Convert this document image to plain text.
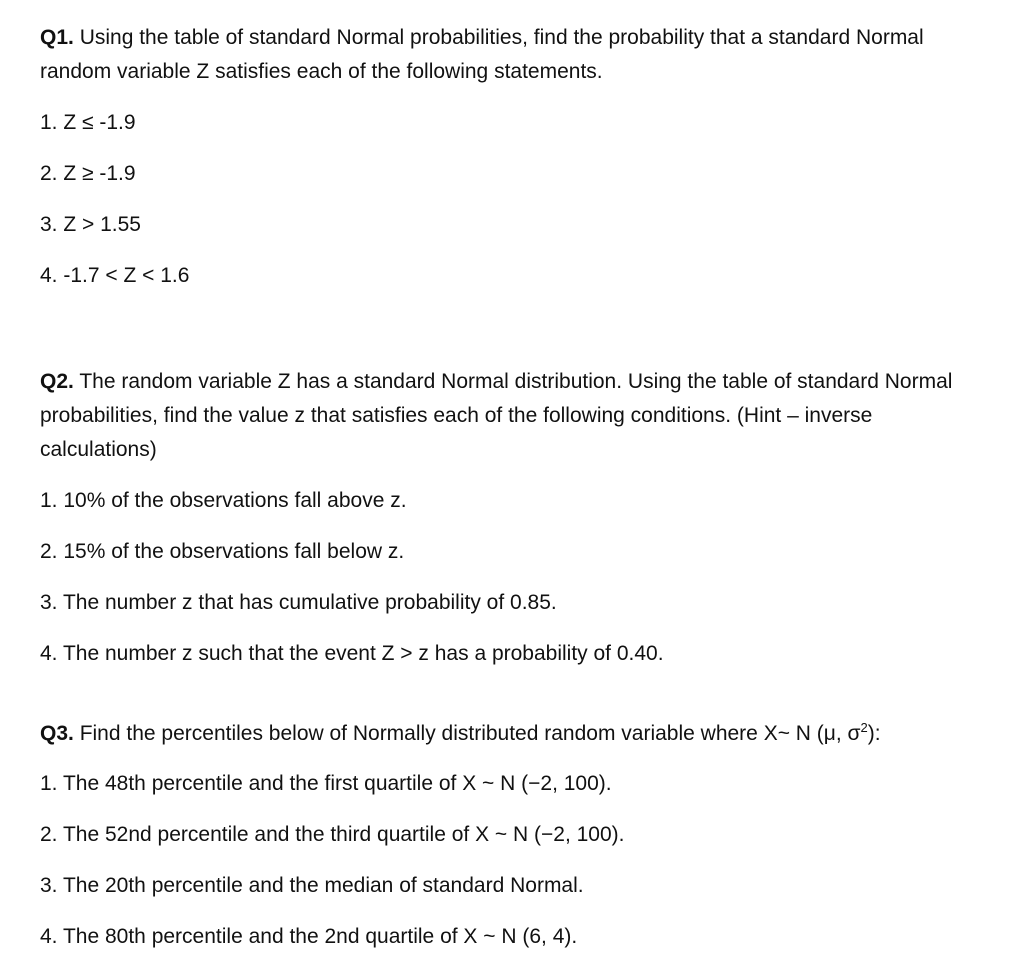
Q1. Using the table of standard Normal probabilities, find the probability that a standard Normal random variable Z satisfies each of the following statements.

1. Z ≤ -1.9

2. Z ≥ -1.9

3. Z > 1.55

4. -1.7 < Z < 1.6

Q2. The random variable Z has a standard Normal distribution. Using the table of standard Normal probabilities, find the value z that satisfies each of the following conditions. (Hint – inverse calculations)

1. 10% of the observations fall above z.

2. 15% of the observations fall below z.

3. The number z that has cumulative probability of 0.85.

4. The number z such that the event Z > z has a probability of 0.40.

Q3. Find the percentiles below of Normally distributed random variable where X~ N (μ, $\sigma^2$):

1. The 48th percentile and the first quartile of X ~ N (−2, 100).

2. The 52nd percentile and the third quartile of X ~ N (−2, 100).

3. The 20th percentile and the median of standard Normal.

4. The 80th percentile and the 2nd quartile of X ~ N (6, 4).
